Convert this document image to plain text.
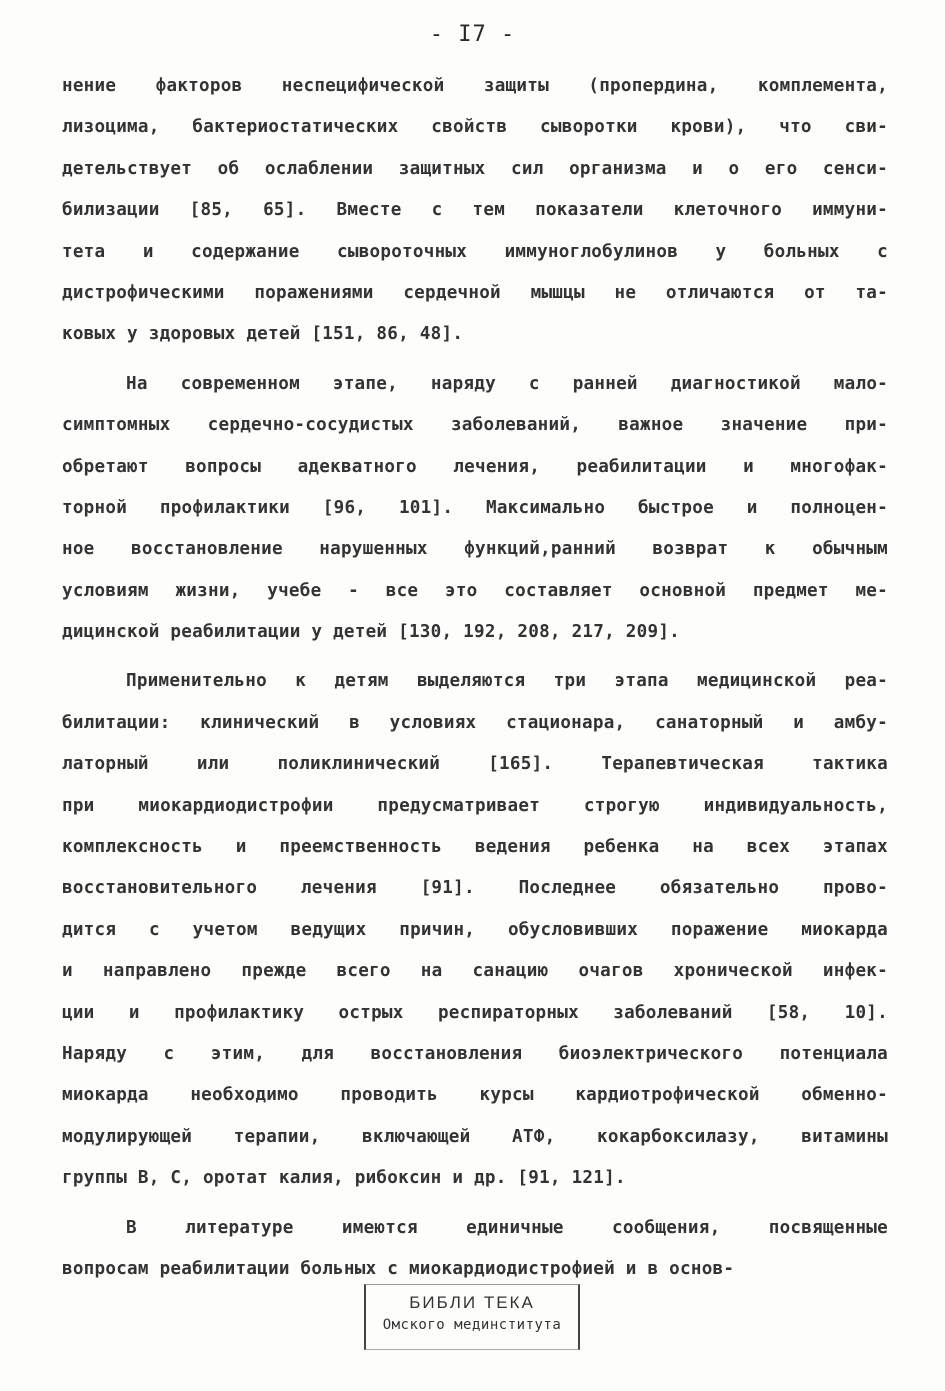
- I7 -
нение факторов неспецифической защиты (пропердина, комплемента,
лизоцима, бактериостатических свойств сыворотки крови), что сви-
детельствует об ослаблении защитных сил организма и о его сенси-
билизации [85, 65]. Вместе с тем показатели клеточного иммуни-
тета и содержание сывороточных иммуноглобулинов у больных с
дистрофическими поражениями сердечной мышцы не отличаются от та-
ковых у здоровых детей [151, 86, 48].
На современном этапе, наряду с ранней диагностикой мало-
симптомных сердечно-сосудистых заболеваний, важное значение при-
обретают вопросы адекватного лечения, реабилитации и многофак-
торной профилактики [96, 101]. Максимально быстрое и полноцен-
ное восстановление нарушенных функций,ранний возврат к обычным
условиям жизни, учебе - все это составляет основной предмет ме-
дицинской реабилитации у детей [130, 192, 208, 217, 209].
Применительно к детям выделяются три этапа медицинской реа-
билитации: клинический в условиях стационара, санаторный и амбу-
латорный или поликлинический [165]. Терапевтическая тактика
при миокардиодистрофии предусматривает строгую индивидуальность,
комплексность и преемственность ведения ребенка на всех этапах
восстановительного лечения [91]. Последнее обязательно прово-
дится с учетом ведущих причин, обусловивших поражение миокарда
и направлено прежде всего на санацию очагов хронической инфек-
ции и профилактику острых респираторных заболеваний [58, 10].
Наряду с этим, для восстановления биоэлектрического потенциала
миокарда необходимо проводить курсы кардиотрофической обменно-
модулирующей терапии, включающей АТФ, кокарбоксилазу, витамины
группы В, С, оротат калия, рибоксин и др. [91, 121].
В литературе имеются единичные сообщения, посвященные
вопросам реабилитации больных с миокардиодистрофией и в основ-
БИБЛИ ТЕКА
Омского мединститута
